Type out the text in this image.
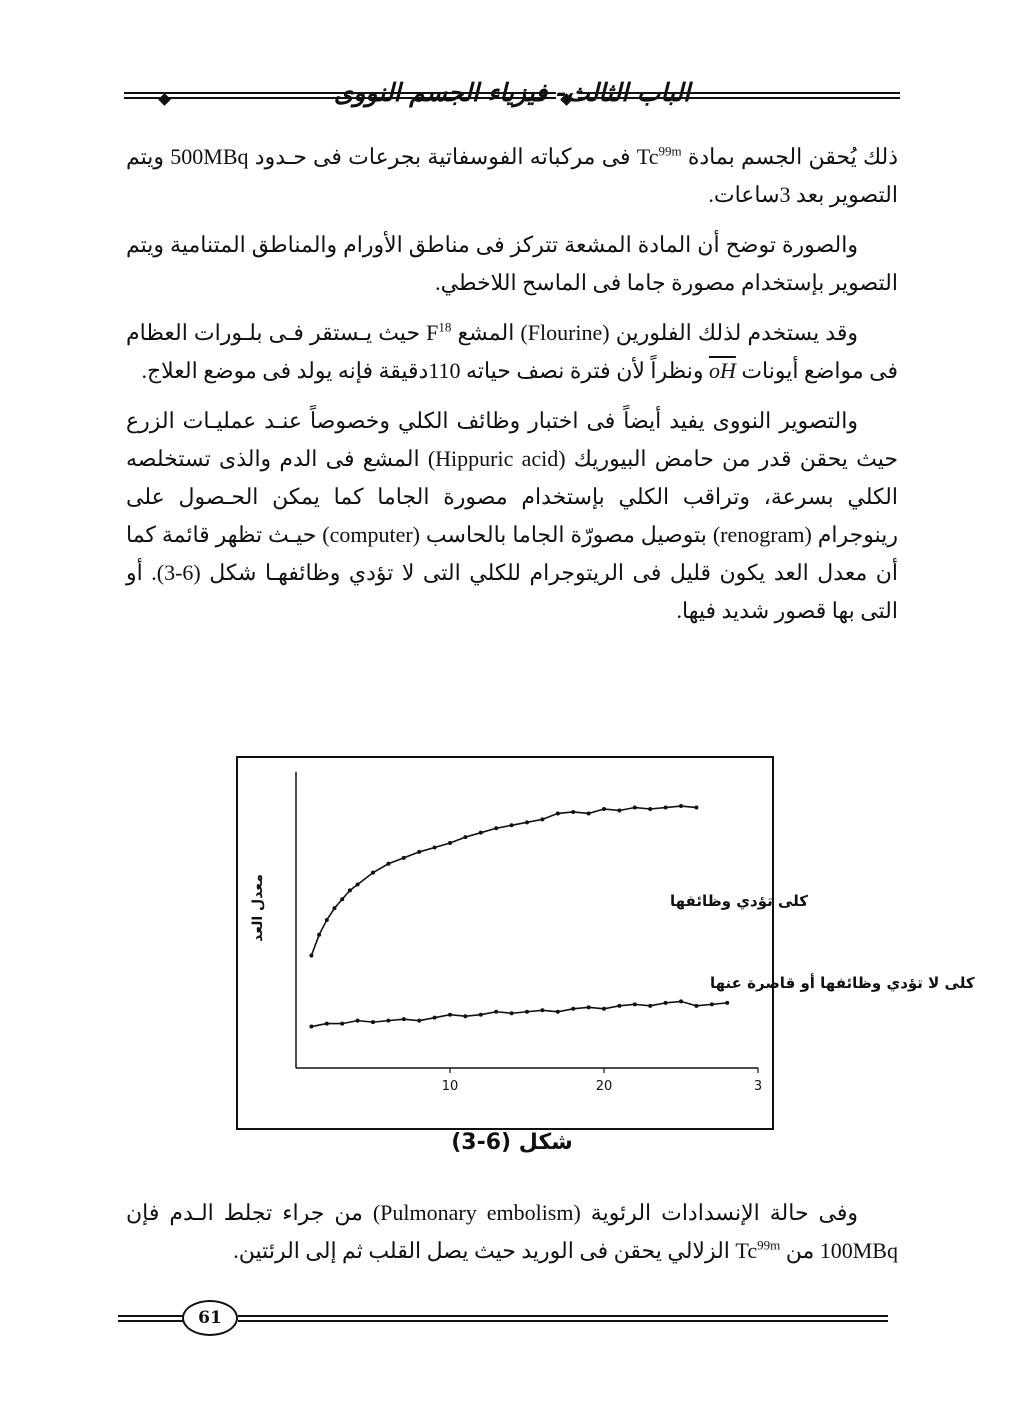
الباب الثالث- فيزياء الجسم النووى

ذلك يُحقن الجسم بمادة $Tc^{99m}$ فى مركباته الفوسفاتية بجرعات فى حـدود 500MBq ويتم التصوير بعد 3ساعات.

والصورة توضح أن المادة المشعة تتركز فى مناطق الأورام والمناطق المتنامية ويتم التصوير بإستخدام مصورة جاما فى الماسح اللاخطي.

وقد يستخدم لذلك الفلورين (Flourine) المشع $F^{18}$ حيث يـستقر فـى بلـورات العظام فى مواضع أيونات $\overline{oH}$ ونظراً لأن فترة نصف حياته 110دقيقة فإنه يولد فى موضع العلاج.

والتصوير النووى يفيد أيضاً فى اختبار وظائف الكلي وخصوصاً عنـد عمليـات الزرع حيث يحقن قدر من حامض البيوريك (Hippuric acid) المشع فى الدم والذى تستخلصه الكلي بسرعة، وتراقب الكلي بإستخدام مصورة الجاما كما يمكن الحـصول على رينوجرام (renogram) بتوصيل مصورّة الجاما بالحاسب (computer) حيـث تظهر قائمة كما أن معدل العد يكون قليل فى الريتوجرام للكلي التى لا تؤدي وظائفهـا شكل (6-3). أو التى بها قصور شديد فيها.

10	20	3
معدل العد	كلى تؤدي وظائفها
كلى لا تؤدي وظائفها أو قاصرة عنها
شكل (6-3)

وفى حالة الإنسدادات الرئوية (Pulmonary embolism) من جراء تجلط الـدم فإن 100MBq من $Tc^{99m}$ الزلالي يحقن فى الوريد حيث يصل القلب ثم إلى الرئتين.

61
